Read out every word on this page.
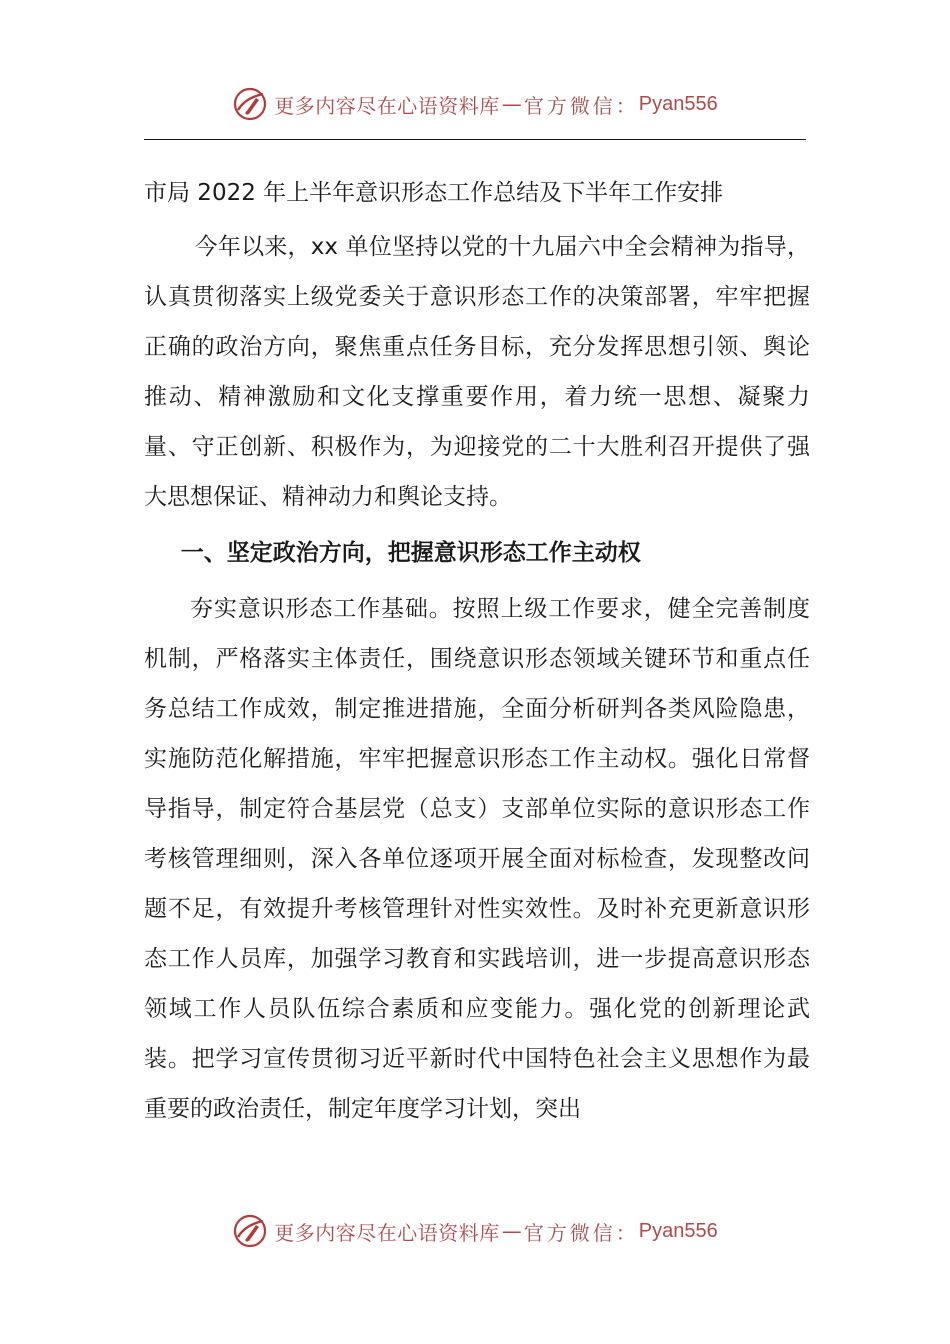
更多内容尽在心语资料库 — 官方微信： Pyan556
市局 2022 年上半年意识形态工作总结及下半年工作安排

今年以来，xx 单位坚持以党的十九届六中全会精神为指导，认真贯彻落实上级党委关于意识形态工作的决策部署，牢牢把握正确的政治方向，聚焦重点任务目标，充分发挥思想引领、舆论推动、精神激励和文化支撑重要作用，着力统一思想、凝聚力量、守正创新、积极作为，为迎接党的二十大胜利召开提供了强大思想保证、精神动力和舆论支持。

一、坚定政治方向，把握意识形态工作主动权

夯实意识形态工作基础。按照上级工作要求，健全完善制度机制，严格落实主体责任，围绕意识形态领域关键环节和重点任务总结工作成效，制定推进措施，全面分析研判各类风险隐患，实施防范化解措施，牢牢把握意识形态工作主动权。强化日常督导指导，制定符合基层党（总支）支部单位实际的意识形态工作考核管理细则，深入各单位逐项开展全面对标检查，发现整改问题不足，有效提升考核管理针对性实效性。及时补充更新意识形态工作人员库，加强学习教育和实践培训，进一步提高意识形态领域工作人员队伍综合素质和应变能力。强化党的创新理论武装。把学习宣传贯彻习近平新时代中国特色社会主义思想作为最重要的政治责任，制定年度学习计划，突出

更多内容尽在心语资料库 — 官方微信： Pyan556
